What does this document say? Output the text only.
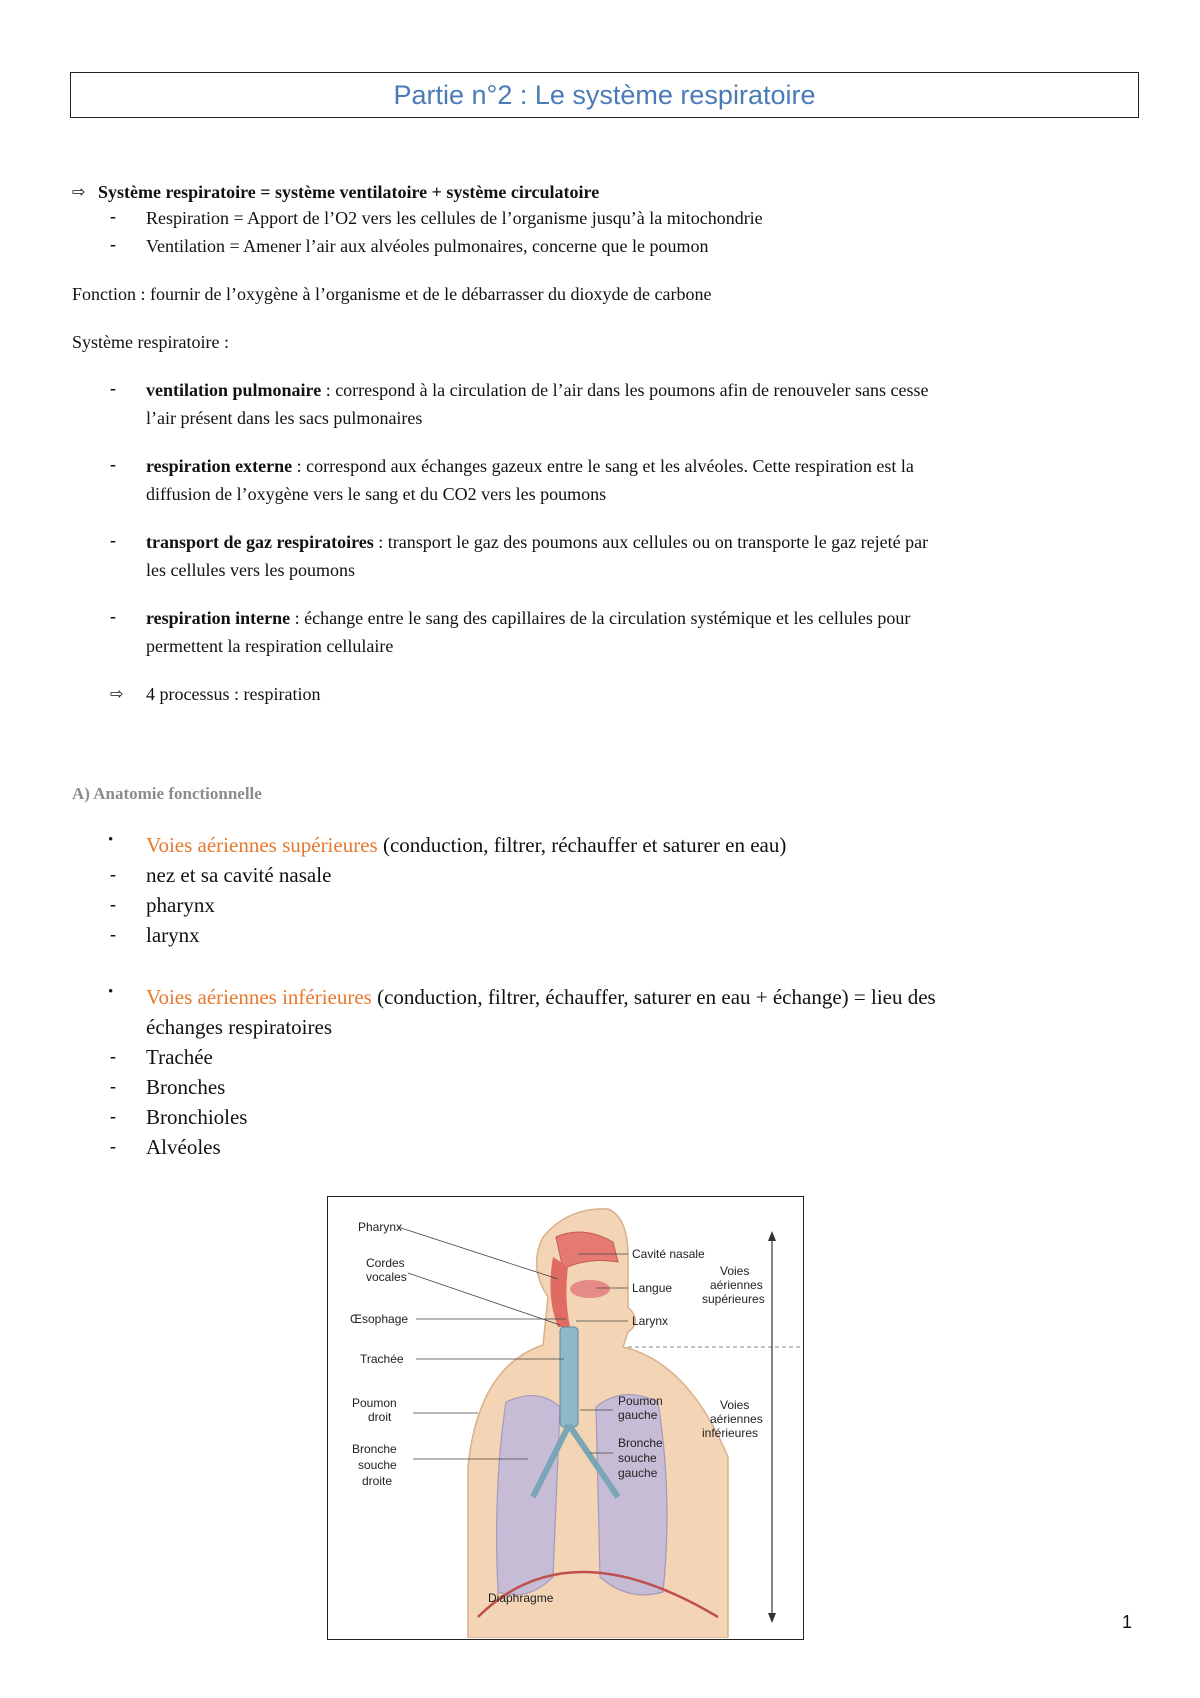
Partie n°2 : Le système respiratoire
⇨ Système respiratoire = système ventilatoire + système circulatoire
- Respiration = Apport de l’O2 vers les cellules de l’organisme jusqu’à la mitochondrie
- Ventilation = Amener l’air aux alvéoles pulmonaires, concerne que le poumon
Fonction : fournir de l’oxygène à l’organisme et de le débarrasser du dioxyde de carbone
Système respiratoire :
- ventilation pulmonaire : correspond à la circulation de l’air dans les poumons afin de renouveler sans cesse
l’air présent dans les sacs pulmonaires
- respiration externe : correspond aux échanges gazeux entre le sang et les alvéoles. Cette respiration est la
diffusion de l’oxygène vers le sang et du CO2 vers les poumons
- transport de gaz respiratoires : transport le gaz des poumons aux cellules ou on transporte le gaz rejeté par
les cellules vers les poumons
- respiration interne : échange entre le sang des capillaires de la circulation systémique et les cellules pour
permettent la respiration cellulaire
⇨ 4 processus : respiration
A) Anatomie fonctionnelle
• Voies aériennes supérieures (conduction, filtrer, réchauffer et saturer en eau)
- nez et sa cavité nasale
- pharynx
- larynx
• Voies aériennes inférieures (conduction, filtrer, échauffer, saturer en eau + échange) = lieu des
échanges respiratoires
- Trachée
- Bronches
- Bronchioles
- Alvéoles
Pharynx
Cordes
vocales
Œsophage
Trachée
Poumon
droit
Bronche
souche
droite
Cavité nasale
Langue
Larynx
Poumon
gauche
Bronche
souche
gauche
Diaphragme
Voies
aériennes
supérieures
Voies
aériennes
inférieures
1
